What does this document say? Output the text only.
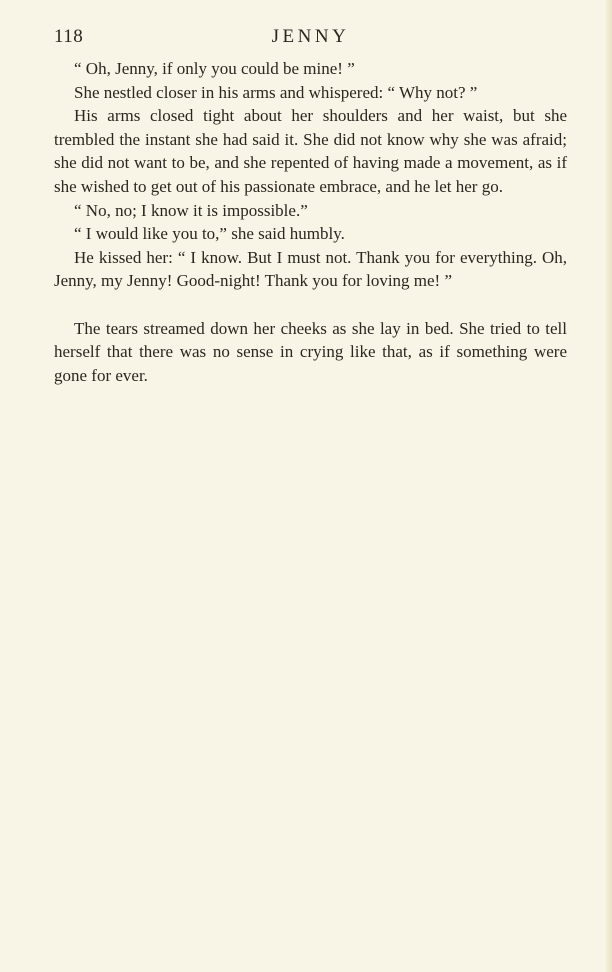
118	JENNY

“ Oh, Jenny, if only you could be mine! ”

She nestled closer in his arms and whispered: “ Why not? ”

His arms closed tight about her shoulders and her waist, but she trembled the instant she had said it. She did not know why she was afraid; she did not want to be, and she repented of having made a movement, as if she wished to get out of his passionate embrace, and he let her go.

“ No, no; I know it is impossible.”

“ I would like you to,” she said humbly.

He kissed her: “ I know. But I must not. Thank you for everything. Oh, Jenny, my Jenny! Good-night! Thank you for loving me! ”

The tears streamed down her cheeks as she lay in bed. She tried to tell herself that there was no sense in crying like that, as if something were gone for ever.
